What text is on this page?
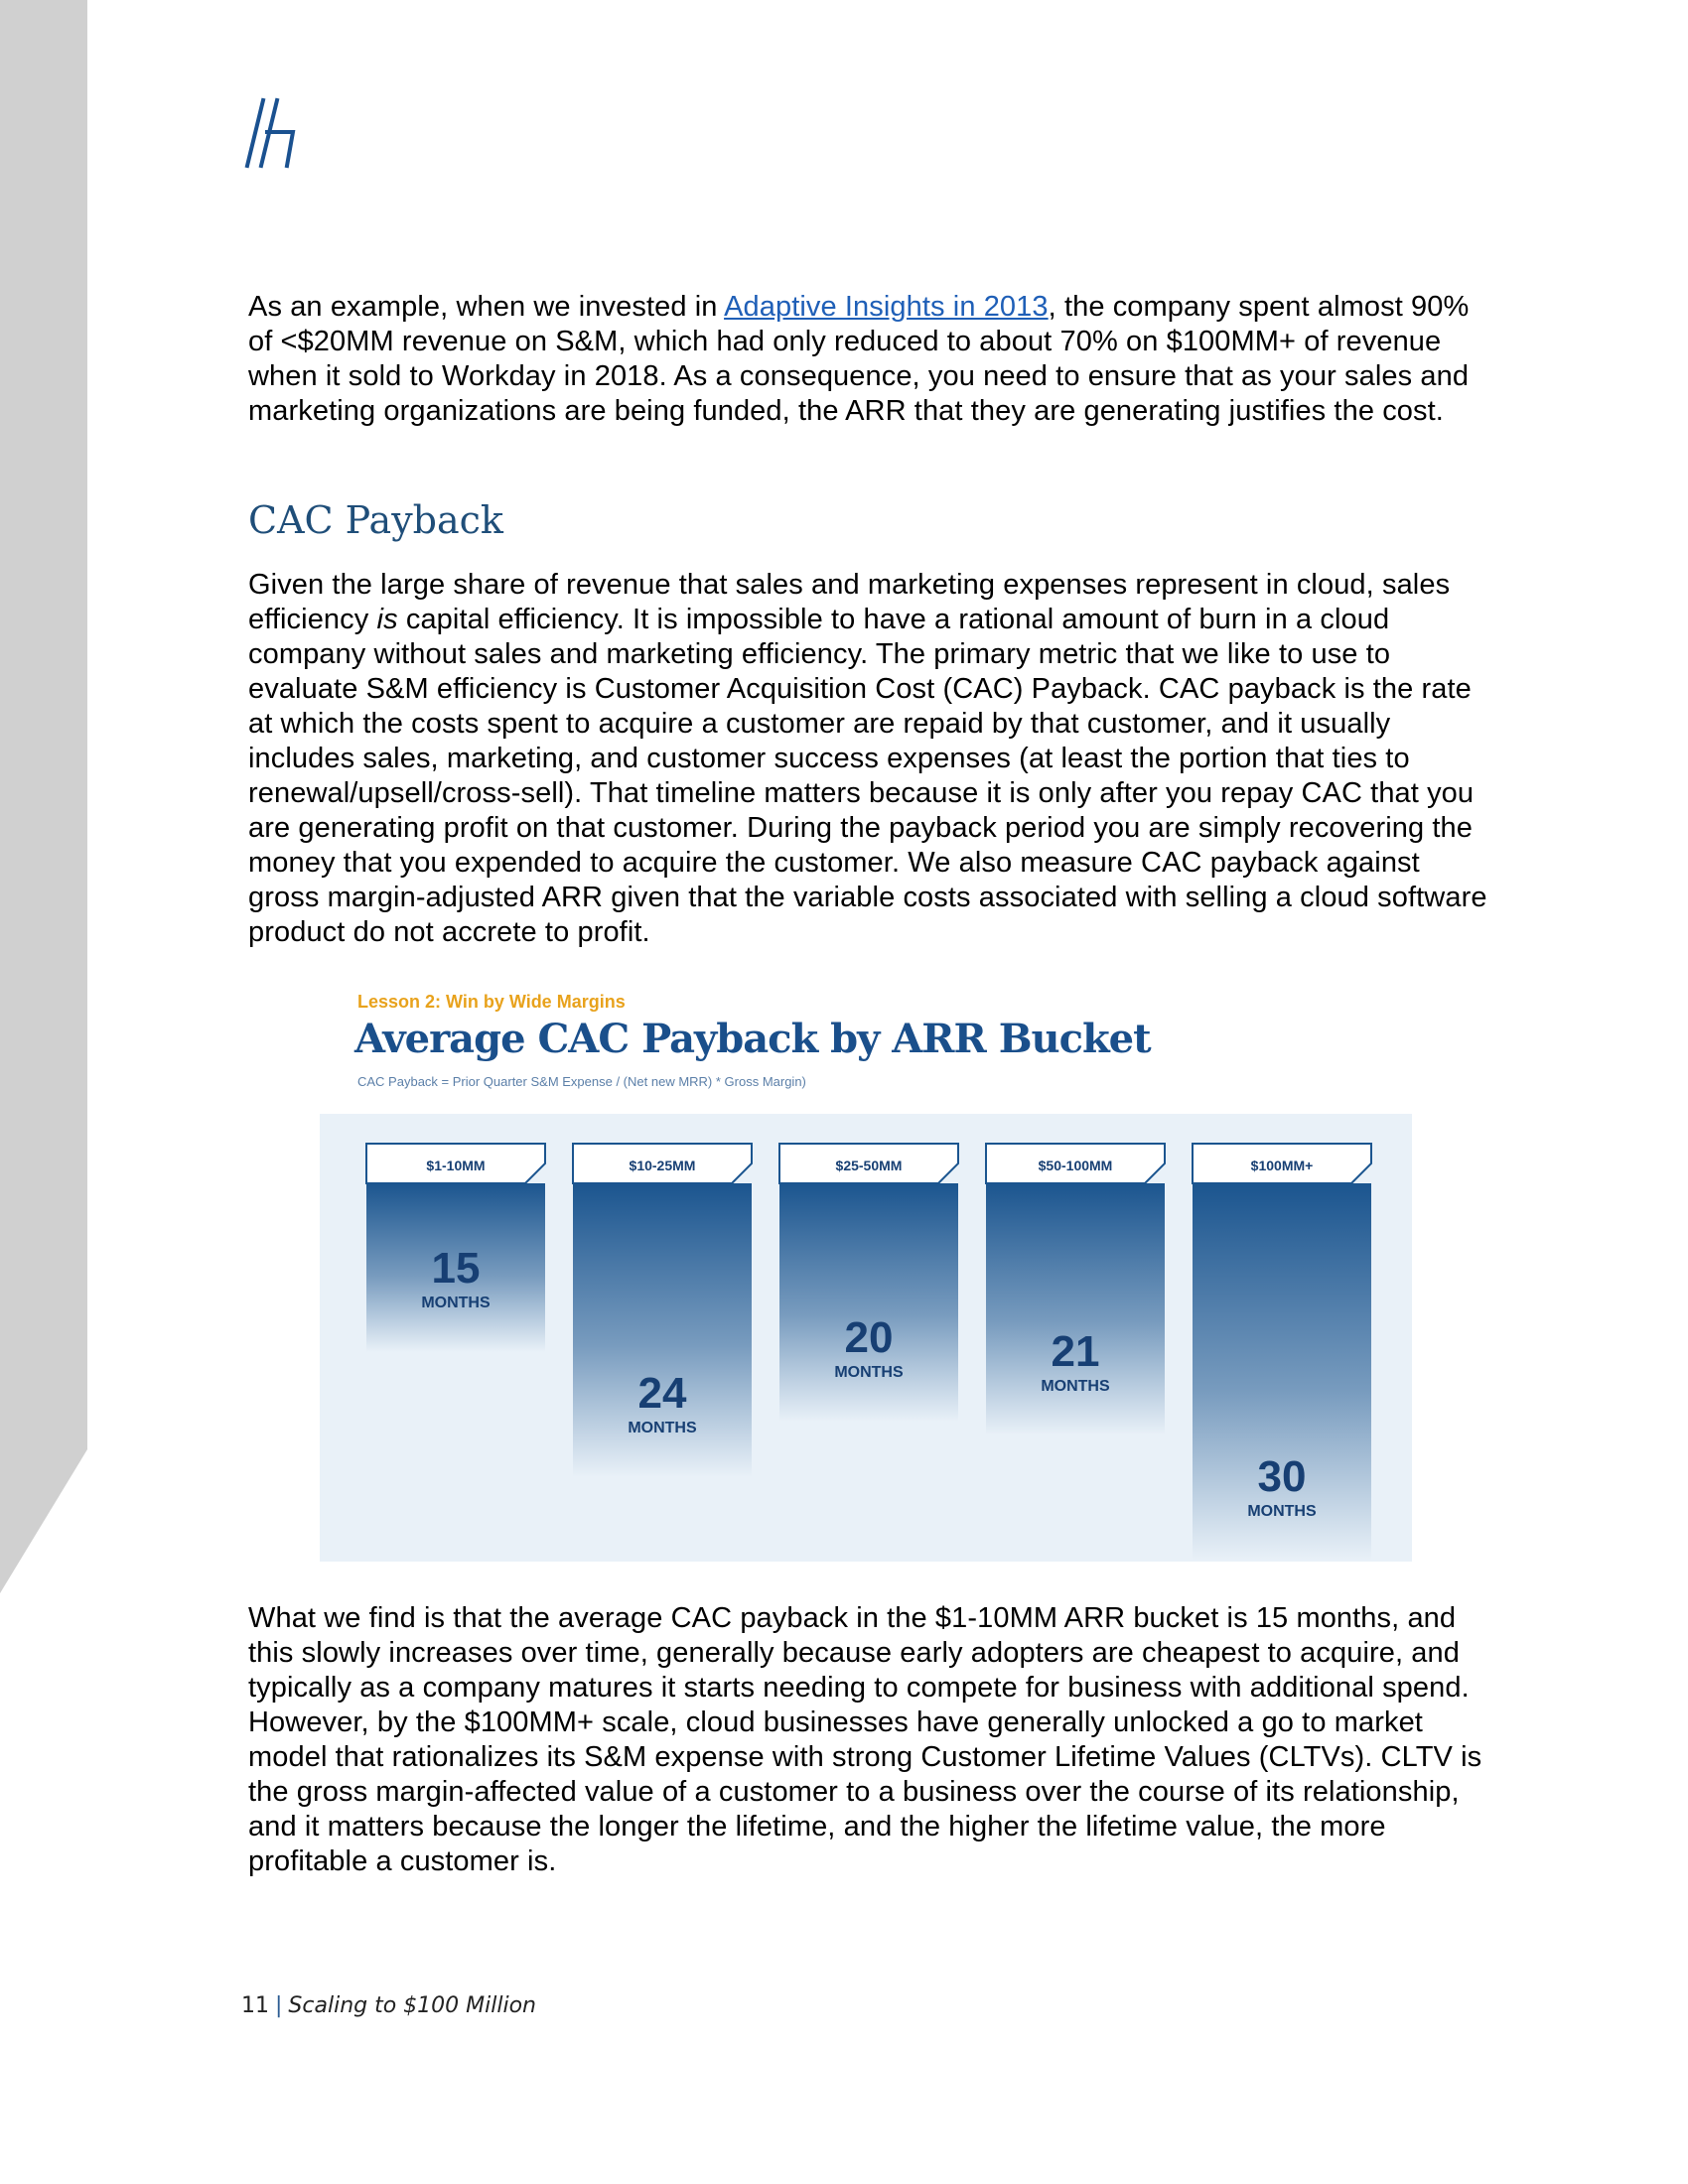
As an example, when we invested in Adaptive Insights in 2013, the company spent almost 90% of <$20MM revenue on S&M, which had only reduced to about 70% on $100MM+ of revenue when it sold to Workday in 2018. As a consequence, you need to ensure that as your sales and marketing organizations are being funded, the ARR that they are generating justifies the cost.

CAC Payback

Given the large share of revenue that sales and marketing expenses represent in cloud, sales efficiency is capital efficiency. It is impossible to have a rational amount of burn in a cloud company without sales and marketing efficiency. The primary metric that we like to use to evaluate S&M efficiency is Customer Acquisition Cost (CAC) Payback. CAC payback is the rate at which the costs spent to acquire a customer are repaid by that customer, and it usually includes sales, marketing, and customer success expenses (at least the portion that ties to renewal/upsell/cross-sell). That timeline matters because it is only after you repay CAC that you are generating profit on that customer. During the payback period you are simply recovering the money that you expended to acquire the customer. We also measure CAC payback against gross margin-adjusted ARR given that the variable costs associated with selling a cloud software product do not accrete to profit.

Lesson 2: Win by Wide Margins
Average CAC Payback by ARR Bucket
CAC Payback = Prior Quarter S&M Expense / (Net new MRR) * Gross Margin)
$1-10MM
15
MONTHS
$10-25MM
24
MONTHS
$25-50MM
20
MONTHS
$50-100MM
21
MONTHS
$100MM+
30
MONTHS

What we find is that the average CAC payback in the $1-10MM ARR bucket is 15 months, and this slowly increases over time, generally because early adopters are cheapest to acquire, and typically as a company matures it starts needing to compete for business with additional spend. However, by the $100MM+ scale, cloud businesses have generally unlocked a go to market model that rationalizes its S&M expense with strong Customer Lifetime Values (CLTVs). CLTV is the gross margin-affected value of a customer to a business over the course of its relationship, and it matters because the longer the lifetime, and the higher the lifetime value, the more profitable a customer is.

11 | Scaling to $100 Million
